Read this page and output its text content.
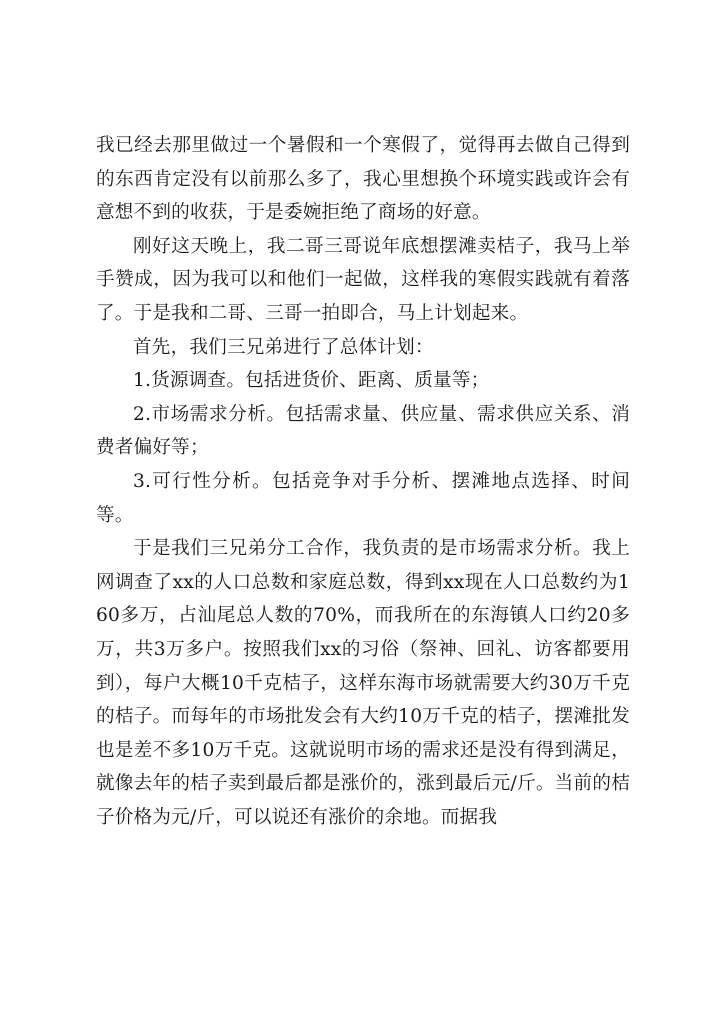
我已经去那里做过一个暑假和一个寒假了，觉得再去做自己得到的东西肯定没有以前那么多了，我心里想换个环境实践或许会有意想不到的收获，于是委婉拒绝了商场的好意。

刚好这天晚上，我二哥三哥说年底想摆滩卖桔子，我马上举手赞成，因为我可以和他们一起做，这样我的寒假实践就有着落了。于是我和二哥、三哥一拍即合，马上计划起来。

首先，我们三兄弟进行了总体计划：

1.货源调查。包括进货价、距离、质量等；

2.市场需求分析。包括需求量、供应量、需求供应关系、消费者偏好等；

3.可行性分析。包括竞争对手分析、摆滩地点选择、时间等。

于是我们三兄弟分工合作，我负责的是市场需求分析。我上网调查了xx的人口总数和家庭总数，得到xx现在人口总数约为160多万，占汕尾总人数的70%，而我所在的东海镇人口约20多万，共3万多户。按照我们xx的习俗（祭神、回礼、访客都要用到），每户大概10千克桔子，这样东海市场就需要大约30万千克的桔子。而每年的市场批发会有大约10万千克的桔子，摆滩批发也是差不多10万千克。这就说明市场的需求还是没有得到满足，就像去年的桔子卖到最后都是涨价的，涨到最后元/斤。当前的桔子价格为元/斤，可以说还有涨价的余地。而据我
